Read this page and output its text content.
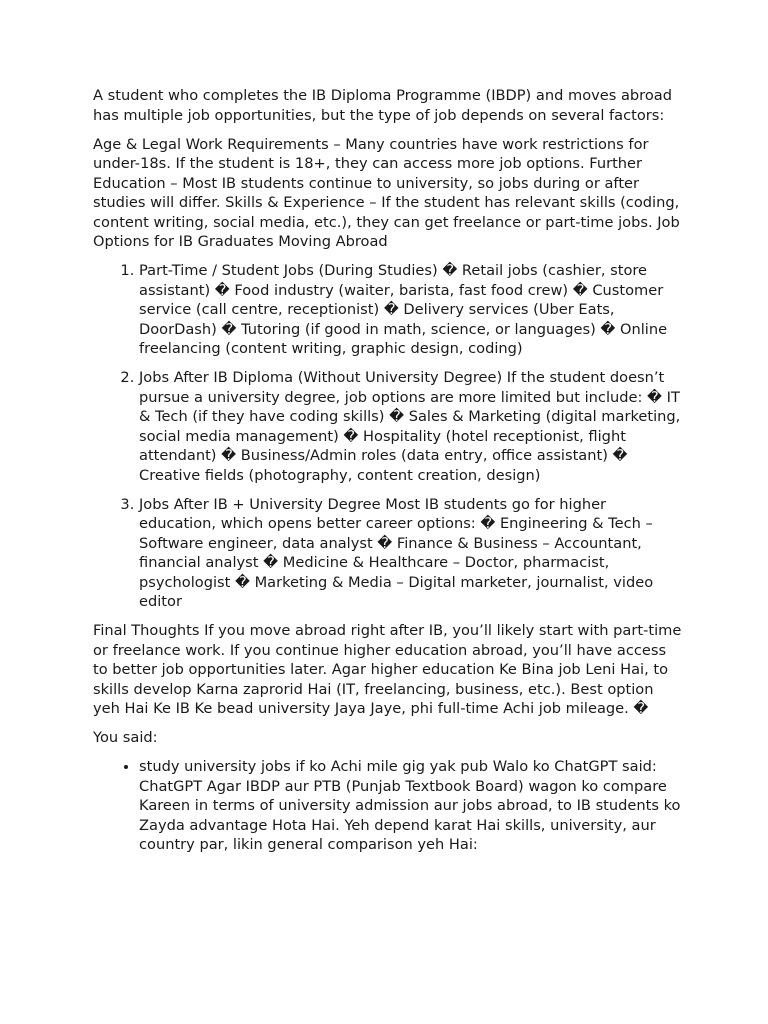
A student who completes the IB Diploma Programme (IBDP) and moves abroad has multiple job opportunities, but the type of job depends on several factors:

Age & Legal Work Requirements – Many countries have work restrictions for under-18s. If the student is 18+, they can access more job options. Further Education – Most IB students continue to university, so jobs during or after studies will differ. Skills & Experience – If the student has relevant skills (coding, content writing, social media, etc.), they can get freelance or part-time jobs. Job Options for IB Graduates Moving Abroad

1. Part-Time / Student Jobs (During Studies) � Retail jobs (cashier, store assistant) � Food industry (waiter, barista, fast food crew) � Customer service (call centre, receptionist) � Delivery services (Uber Eats, DoorDash) � Tutoring (if good in math, science, or languages) � Online freelancing (content writing, graphic design, coding)
2. Jobs After IB Diploma (Without University Degree) If the student doesn’t pursue a university degree, job options are more limited but include: � IT & Tech (if they have coding skills) � Sales & Marketing (digital marketing, social media management) � Hospitality (hotel receptionist, flight attendant) � Business/Admin roles (data entry, office assistant) � Creative fields (photography, content creation, design)
3. Jobs After IB + University Degree Most IB students go for higher education, which opens better career options: � Engineering & Tech – Software engineer, data analyst � Finance & Business – Accountant, financial analyst � Medicine & Healthcare – Doctor, pharmacist, psychologist � Marketing & Media – Digital marketer, journalist, video editor

Final Thoughts If you move abroad right after IB, you’ll likely start with part-time or freelance work. If you continue higher education abroad, you’ll have access to better job opportunities later. Agar higher education Ke Bina job Leni Hai, to skills develop Karna zaprorid Hai (IT, freelancing, business, etc.). Best option yeh Hai Ke IB Ke bead university Jaya Jaye, phi full-time Achi job mileage. �

You said:

• study university jobs if ko Achi mile gig yak pub Walo ko ChatGPT said: ChatGPT Agar IBDP aur PTB (Punjab Textbook Board) wagon ko compare Kareen in terms of university admission aur jobs abroad, to IB students ko Zayda advantage Hota Hai. Yeh depend karat Hai skills, university, aur country par, likin general comparison yeh Hai:
